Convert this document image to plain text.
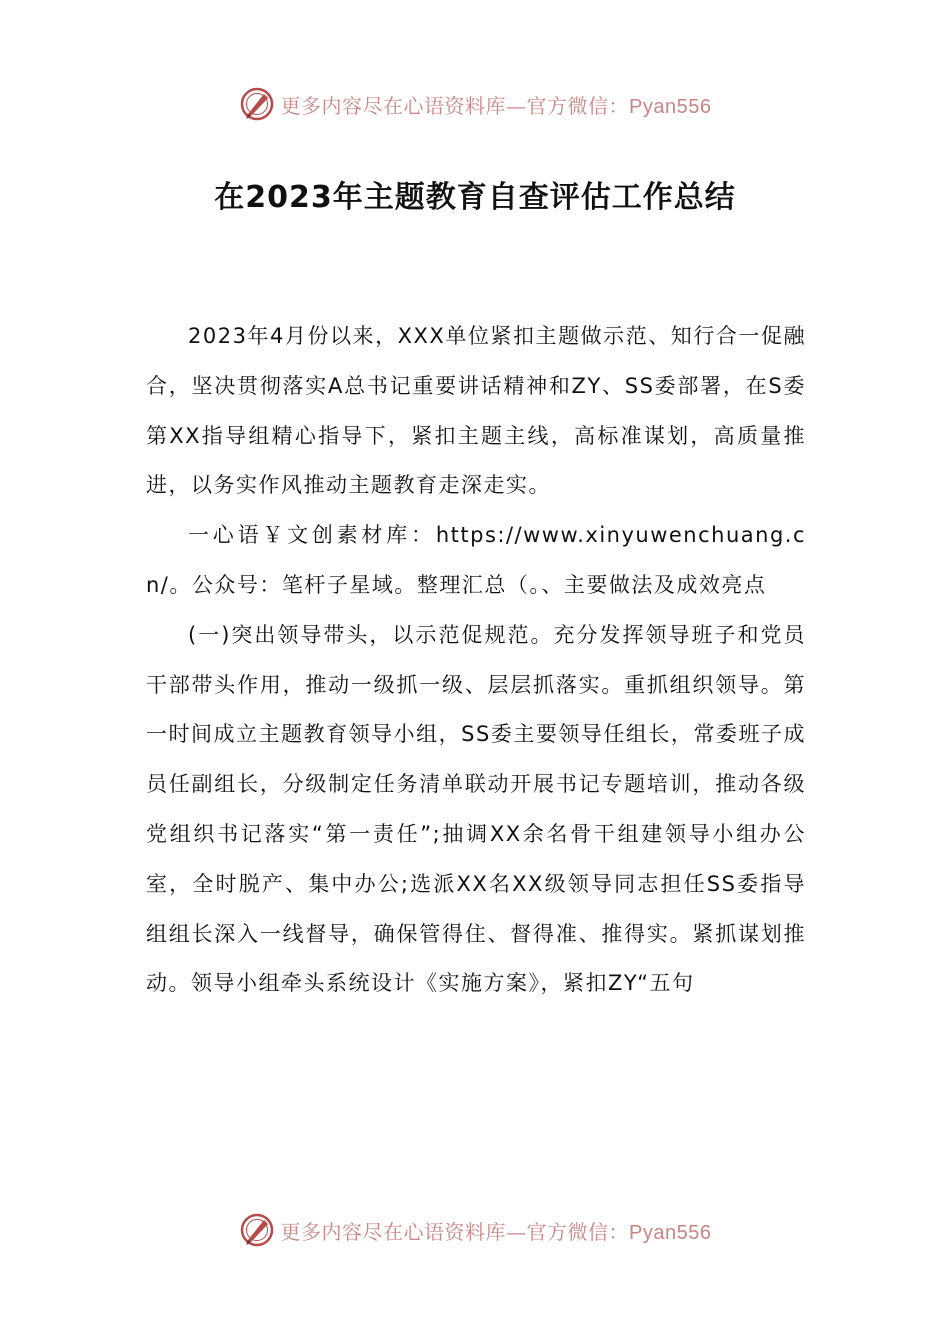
更多内容尽在心语资料库—官方微信：Pyan556
在2023年主题教育自查评估工作总结

2023年4月份以来，XXX单位紧扣主题做示范、知行合一促融合，坚决贯彻落实A总书记重要讲话精神和ZY、SS委部署，在S委第XX指导组精心指导下，紧扣主题主线，高标准谋划，高质量推进，以务实作风推动主题教育走深走实。

一心语￥文创素材库：https://www.xinyuwenchuang.cn/。公众号：笔杆子星域。整理汇总（。、主要做法及成效亮点

(一)突出领导带头，以示范促规范。充分发挥领导班子和党员干部带头作用，推动一级抓一级、层层抓落实。重抓组织领导。第一时间成立主题教育领导小组，SS委主要领导任组长，常委班子成员任副组长，分级制定任务清单联动开展书记专题培训，推动各级党组织书记落实“第一责任”;抽调XX余名骨干组建领导小组办公室，全时脱产、集中办公;选派XX名XX级领导同志担任SS委指导组组长深入一线督导，确保管得住、督得准、推得实。紧抓谋划推动。领导小组牵头系统设计《实施方案》，紧扣ZY“五句

更多内容尽在心语资料库—官方微信：Pyan556
